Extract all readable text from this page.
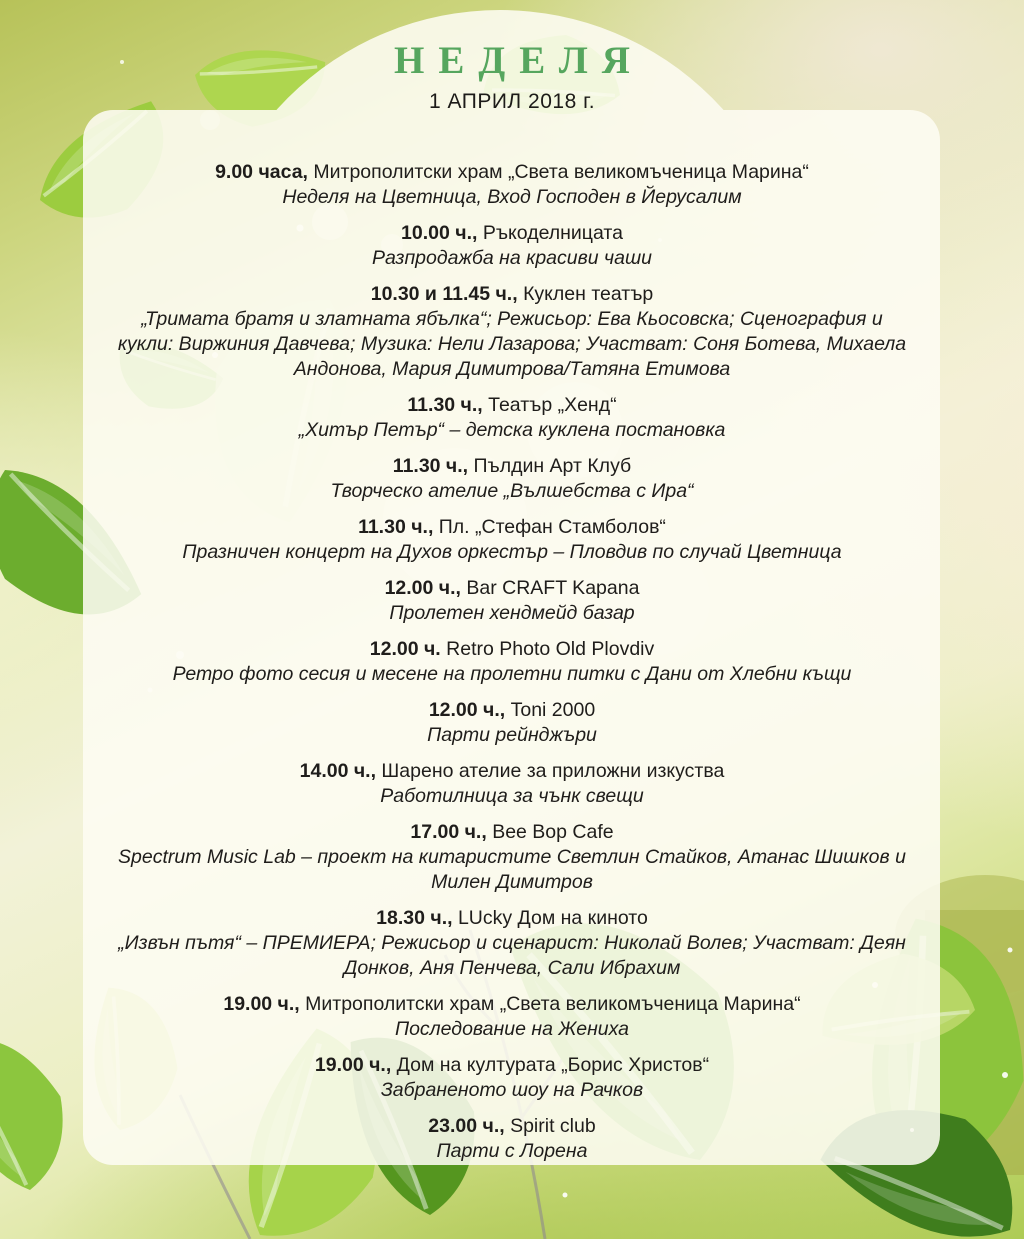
НЕДЕЛЯ

1 АПРИЛ 2018 г.

9.00 часа, Митрополитски храм „Света великомъченица Марина“
Неделя на Цветница, Вход Господен в Йерусалим
10.00 ч., Ръкоделницата
Разпродажба на красиви чаши
10.30 и 11.45 ч., Куклен театър
„Тримата братя и златната ябълка“; Режисьор: Ева Кьосовска; Сценография и кукли: Виржиния Давчева; Музика: Нели Лазарова; Участват: Соня Ботева, Михаела Андонова, Мария Димитрова/Татяна Етимова
11.30 ч., Театър „Хенд“
„Хитър Петър“ – детска куклена постановка
11.30 ч., Пълдин Арт Клуб
Творческо ателие „Вълшебства с Ира“
11.30 ч., Пл. „Стефан Стамболов“
Празничен концерт на Духов оркестър – Пловдив по случай Цветница
12.00 ч., Bar CRAFT Kapana
Пролетен хендмейд базар
12.00 ч. Retro Photo Old Plovdiv
Ретро фото сесия и месене на пролетни питки с Дани от Хлебни къщи
12.00 ч., Toni 2000
Парти рейнджъри
14.00 ч., Шарено ателие за приложни изкуства
Работилница за чънк свещи
17.00 ч., Bee Bop Cafe
Spectrum Music Lab – проект на китаристите Светлин Стайков, Атанас Шишков и Милен Димитров
18.30 ч., LUcky Дом на киното
„Извън пътя“ – ПРЕМИЕРА; Режисьор и сценарист: Николай Волев; Участват: Деян Донков, Аня Пенчева, Сали Ибрахим
19.00 ч., Митрополитски храм „Света великомъченица Марина“
Последование на Жениха
19.00 ч., Дом на културата „Борис Христов“
Забраненото шоу на Рачков
23.00 ч., Spirit club
Парти с Лорена
